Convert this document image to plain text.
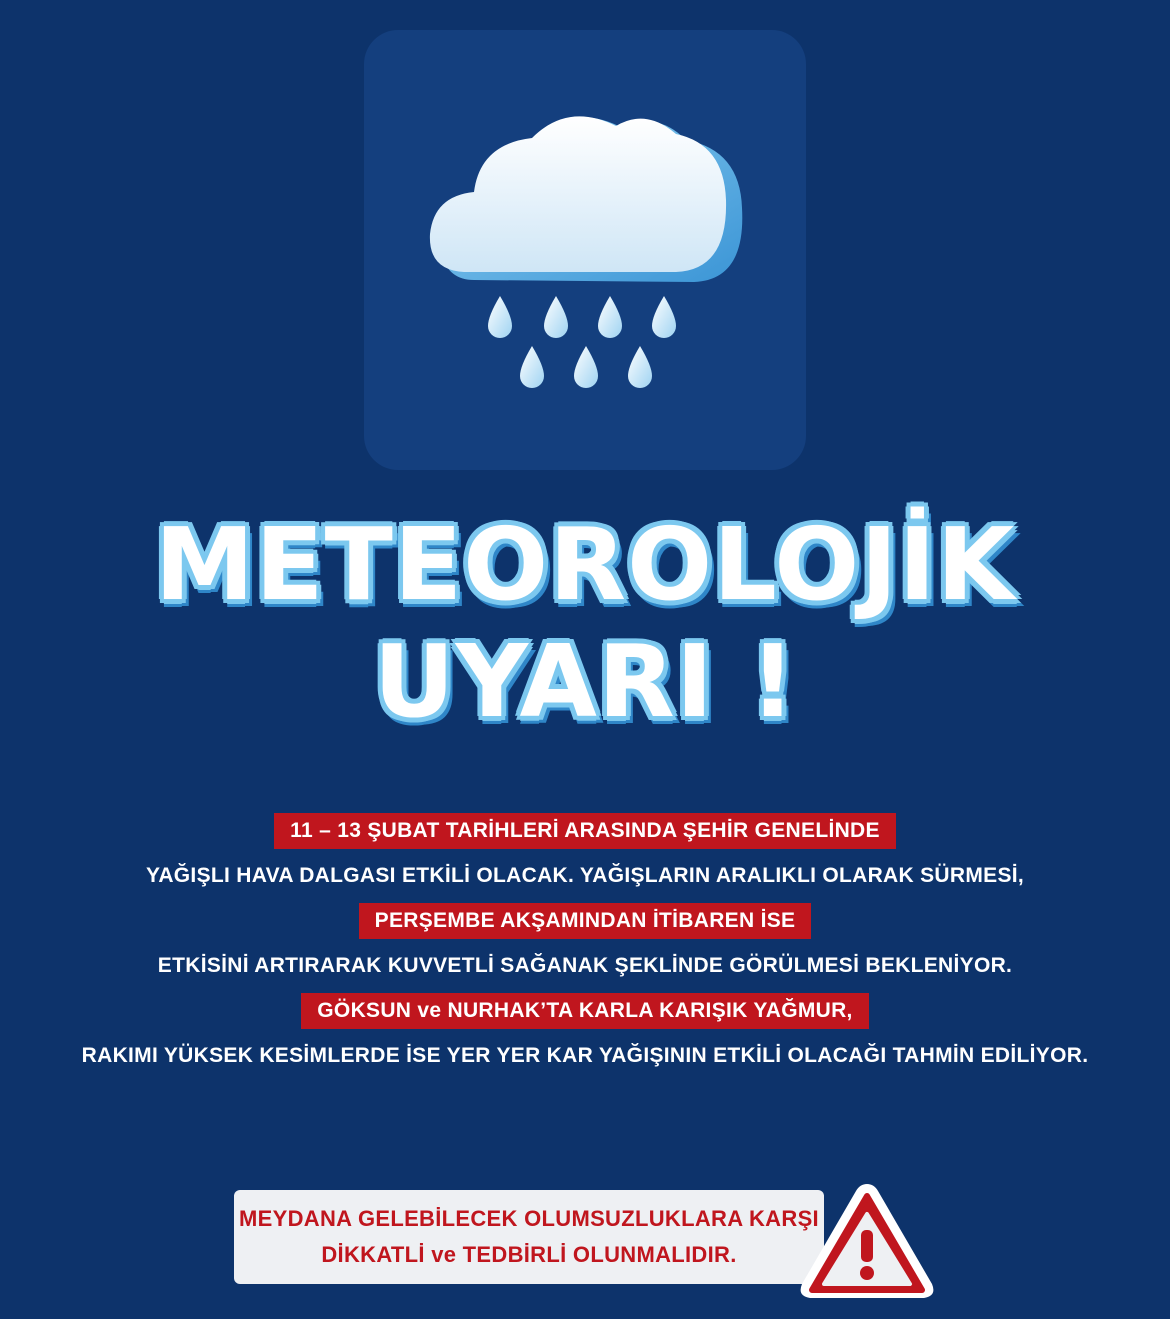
METEOROLOJİK
UYARI !
11 – 13 ŞUBAT TARİHLERİ ARASINDA ŞEHİR GENELİNDE
YAĞIŞLI HAVA DALGASI ETKİLİ OLACAK. YAĞIŞLARIN ARALIKLI OLARAK SÜRMESİ,
PERŞEMBE AKŞAMINDAN İTİBAREN İSE
ETKİSİNİ ARTIRARAK KUVVETLİ SAĞANAK ŞEKLİNDE GÖRÜLMESİ BEKLENİYOR.
GÖKSUN ve NURHAK’TA KARLA KARIŞIK YAĞMUR,
RAKIMI YÜKSEK KESİMLERDE İSE YER YER KAR YAĞIŞININ ETKİLİ OLACAĞI TAHMİN EDİLİYOR.
MEYDANA GELEBİLECEK OLUMSUZLUKLARA KARŞI
DİKKATLİ ve TEDBİRLİ OLUNMALIDIR.
